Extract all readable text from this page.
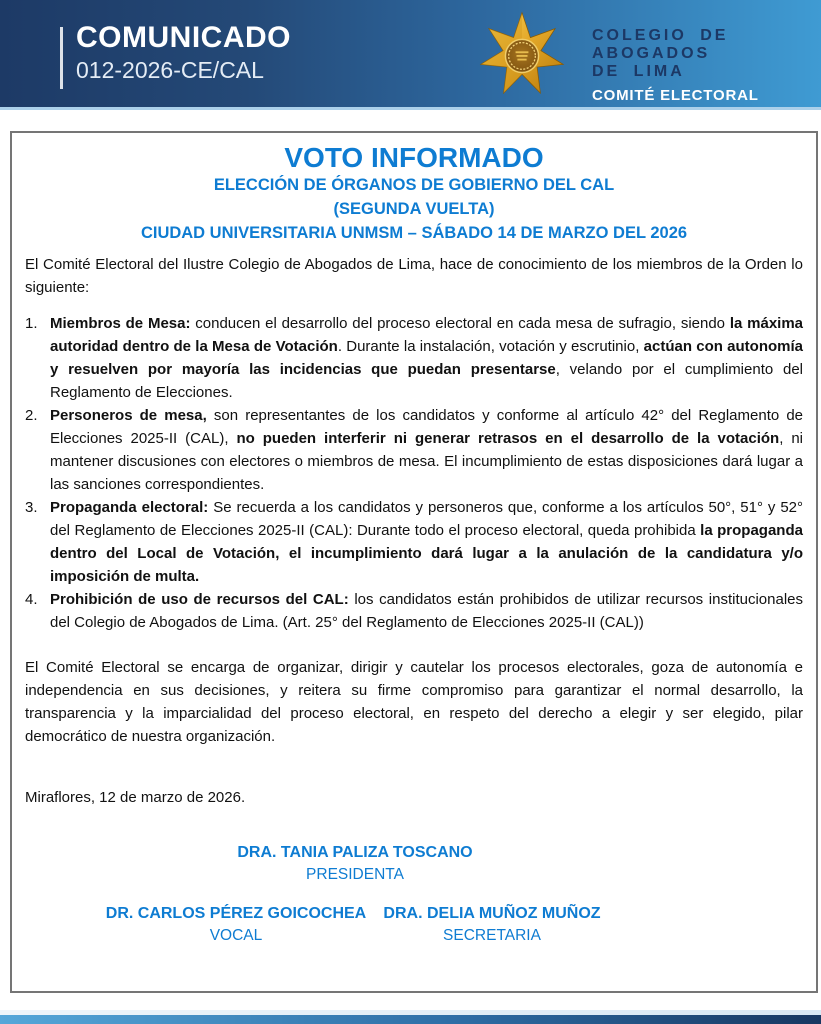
COMUNICADO
012-2026-CE/CAL
COLEGIO DE
ABOGADOS
DE LIMA
COMITÉ ELECTORAL
VOTO INFORMADO
ELECCIÓN DE ÓRGANOS DE GOBIERNO DEL CAL
(SEGUNDA VUELTA)
CIUDAD UNIVERSITARIA UNMSM – SÁBADO 14 DE MARZO DEL 2026

El Comité Electoral del Ilustre Colegio de Abogados de Lima, hace de conocimiento de los miembros de la Orden lo siguiente:

1. Miembros de Mesa: conducen el desarrollo del proceso electoral en cada mesa de sufragio, siendo la máxima autoridad dentro de la Mesa de Votación. Durante la instalación, votación y escrutinio, actúan con autonomía y resuelven por mayoría las incidencias que puedan presentarse, velando por el cumplimiento del Reglamento de Elecciones.
2. Personeros de mesa, son representantes de los candidatos y conforme al artículo 42° del Reglamento de Elecciones 2025-II (CAL), no pueden interferir ni generar retrasos en el desarrollo de la votación, ni mantener discusiones con electores o miembros de mesa. El incumplimiento de estas disposiciones dará lugar a las sanciones correspondientes.
3. Propaganda electoral: Se recuerda a los candidatos y personeros que, conforme a los artículos 50°, 51° y 52° del Reglamento de Elecciones 2025-II (CAL): Durante todo el proceso electoral, queda prohibida la propaganda dentro del Local de Votación, el incumplimiento dará lugar a la anulación de la candidatura y/o imposición de multa.
4. Prohibición de uso de recursos del CAL: los candidatos están prohibidos de utilizar recursos institucionales del Colegio de Abogados de Lima. (Art. 25° del Reglamento de Elecciones 2025-II (CAL))

El Comité Electoral se encarga de organizar, dirigir y cautelar los procesos electorales, goza de autonomía e independencia en sus decisiones, y reitera su firme compromiso para garantizar el normal desarrollo, la transparencia y la imparcialidad del proceso electoral, en respeto del derecho a elegir y ser elegido, pilar democrático de nuestra organización.

Miraflores, 12 de marzo de 2026.

DRA. TANIA PALIZA TOSCANO
PRESIDENTA
DR. CARLOS PÉREZ GOICOCHEA
VOCAL
DRA. DELIA MUÑOZ MUÑOZ
SECRETARIA
